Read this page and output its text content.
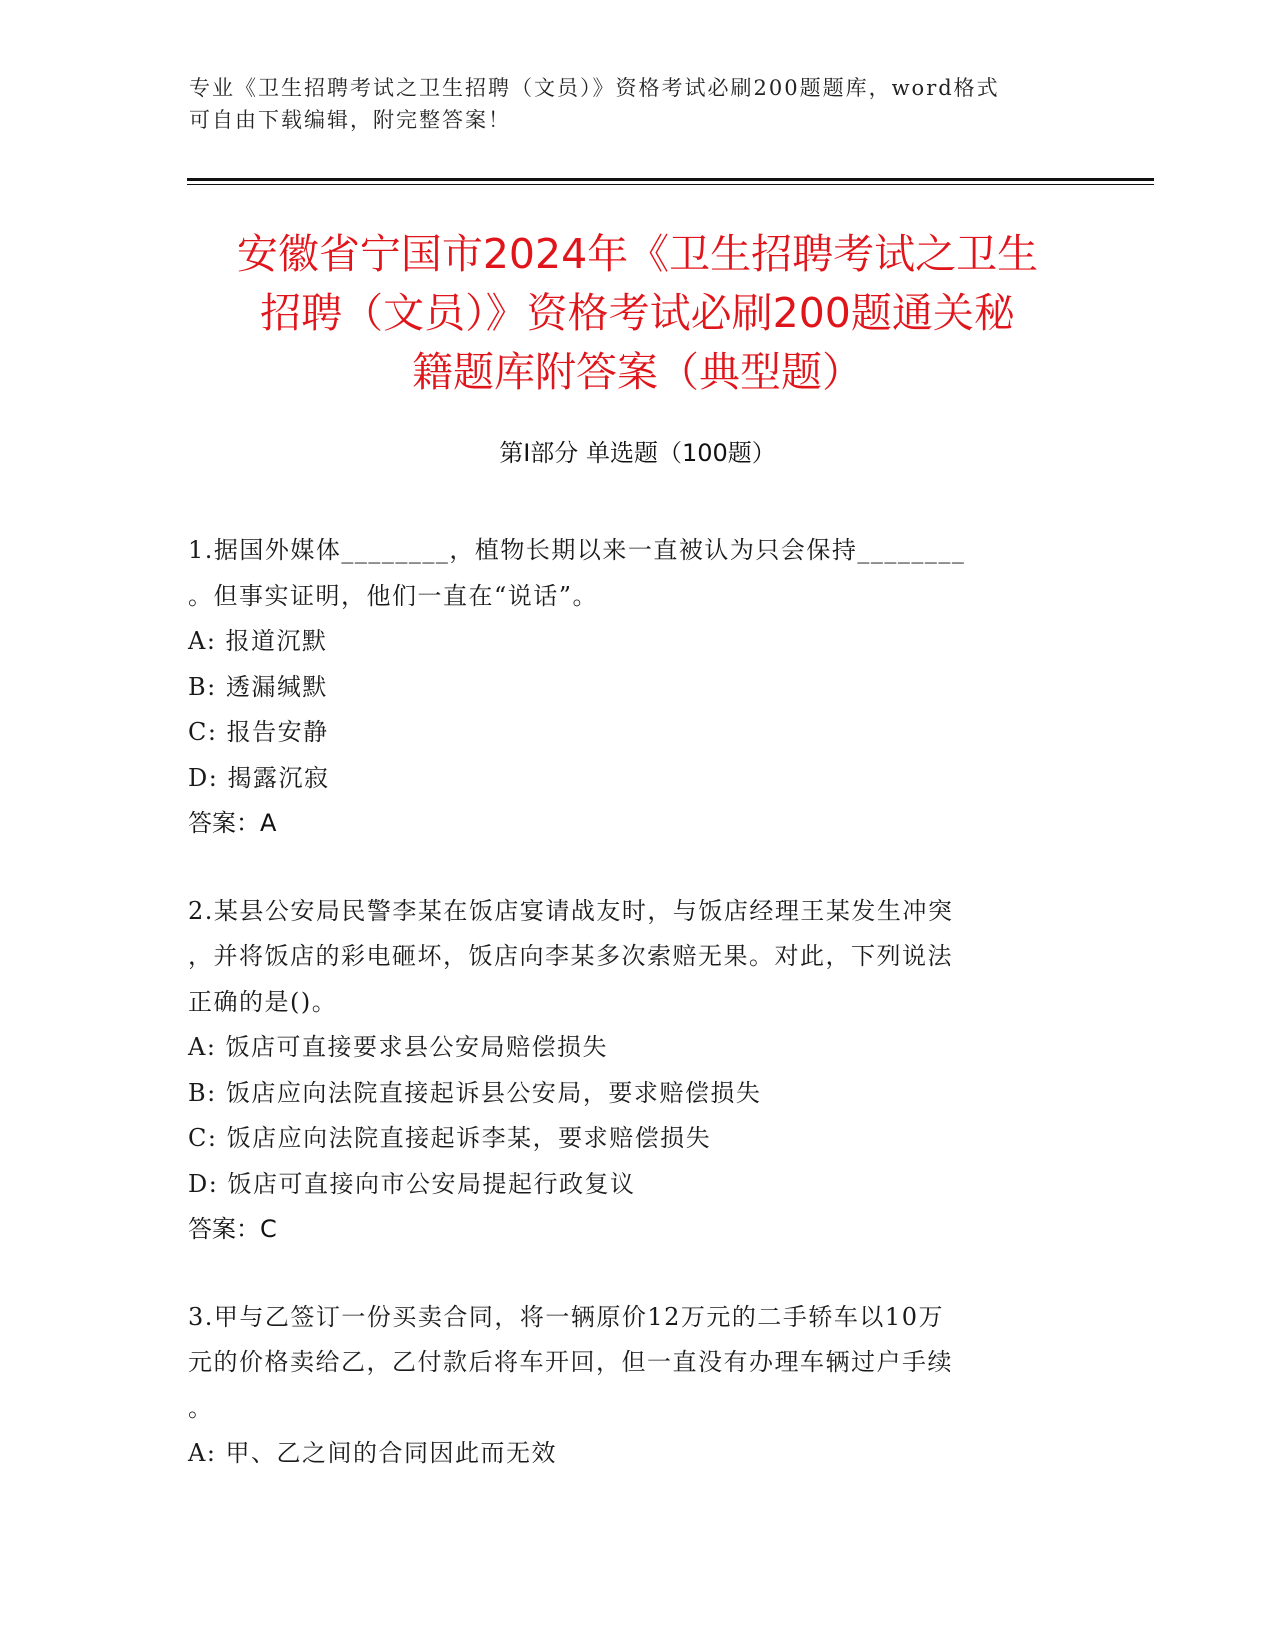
专业《卫生招聘考试之卫生招聘（文员）》资格考试必刷200题题库，word格式
可自由下载编辑，附完整答案！
安徽省宁国市2024年《卫生招聘考试之卫生
招聘（文员）》资格考试必刷200题通关秘
籍题库附答案（典型题）
第Ⅰ部分 单选题（100题）
1.据国外媒体________，植物长期以来一直被认为只会保持________
。但事实证明，他们一直在“说话”。
A: 报道沉默
B: 透漏缄默
C: 报告安静
D: 揭露沉寂
答案：A
2.某县公安局民警李某在饭店宴请战友时，与饭店经理王某发生冲突
，并将饭店的彩电砸坏，饭店向李某多次索赔无果。对此，下列说法
正确的是()。
A: 饭店可直接要求县公安局赔偿损失
B: 饭店应向法院直接起诉县公安局，要求赔偿损失
C: 饭店应向法院直接起诉李某，要求赔偿损失
D: 饭店可直接向市公安局提起行政复议
答案：C
3.甲与乙签订一份买卖合同，将一辆原价12万元的二手轿车以10万
元的价格卖给乙，乙付款后将车开回，但一直没有办理车辆过户手续
。
A: 甲、乙之间的合同因此而无效
